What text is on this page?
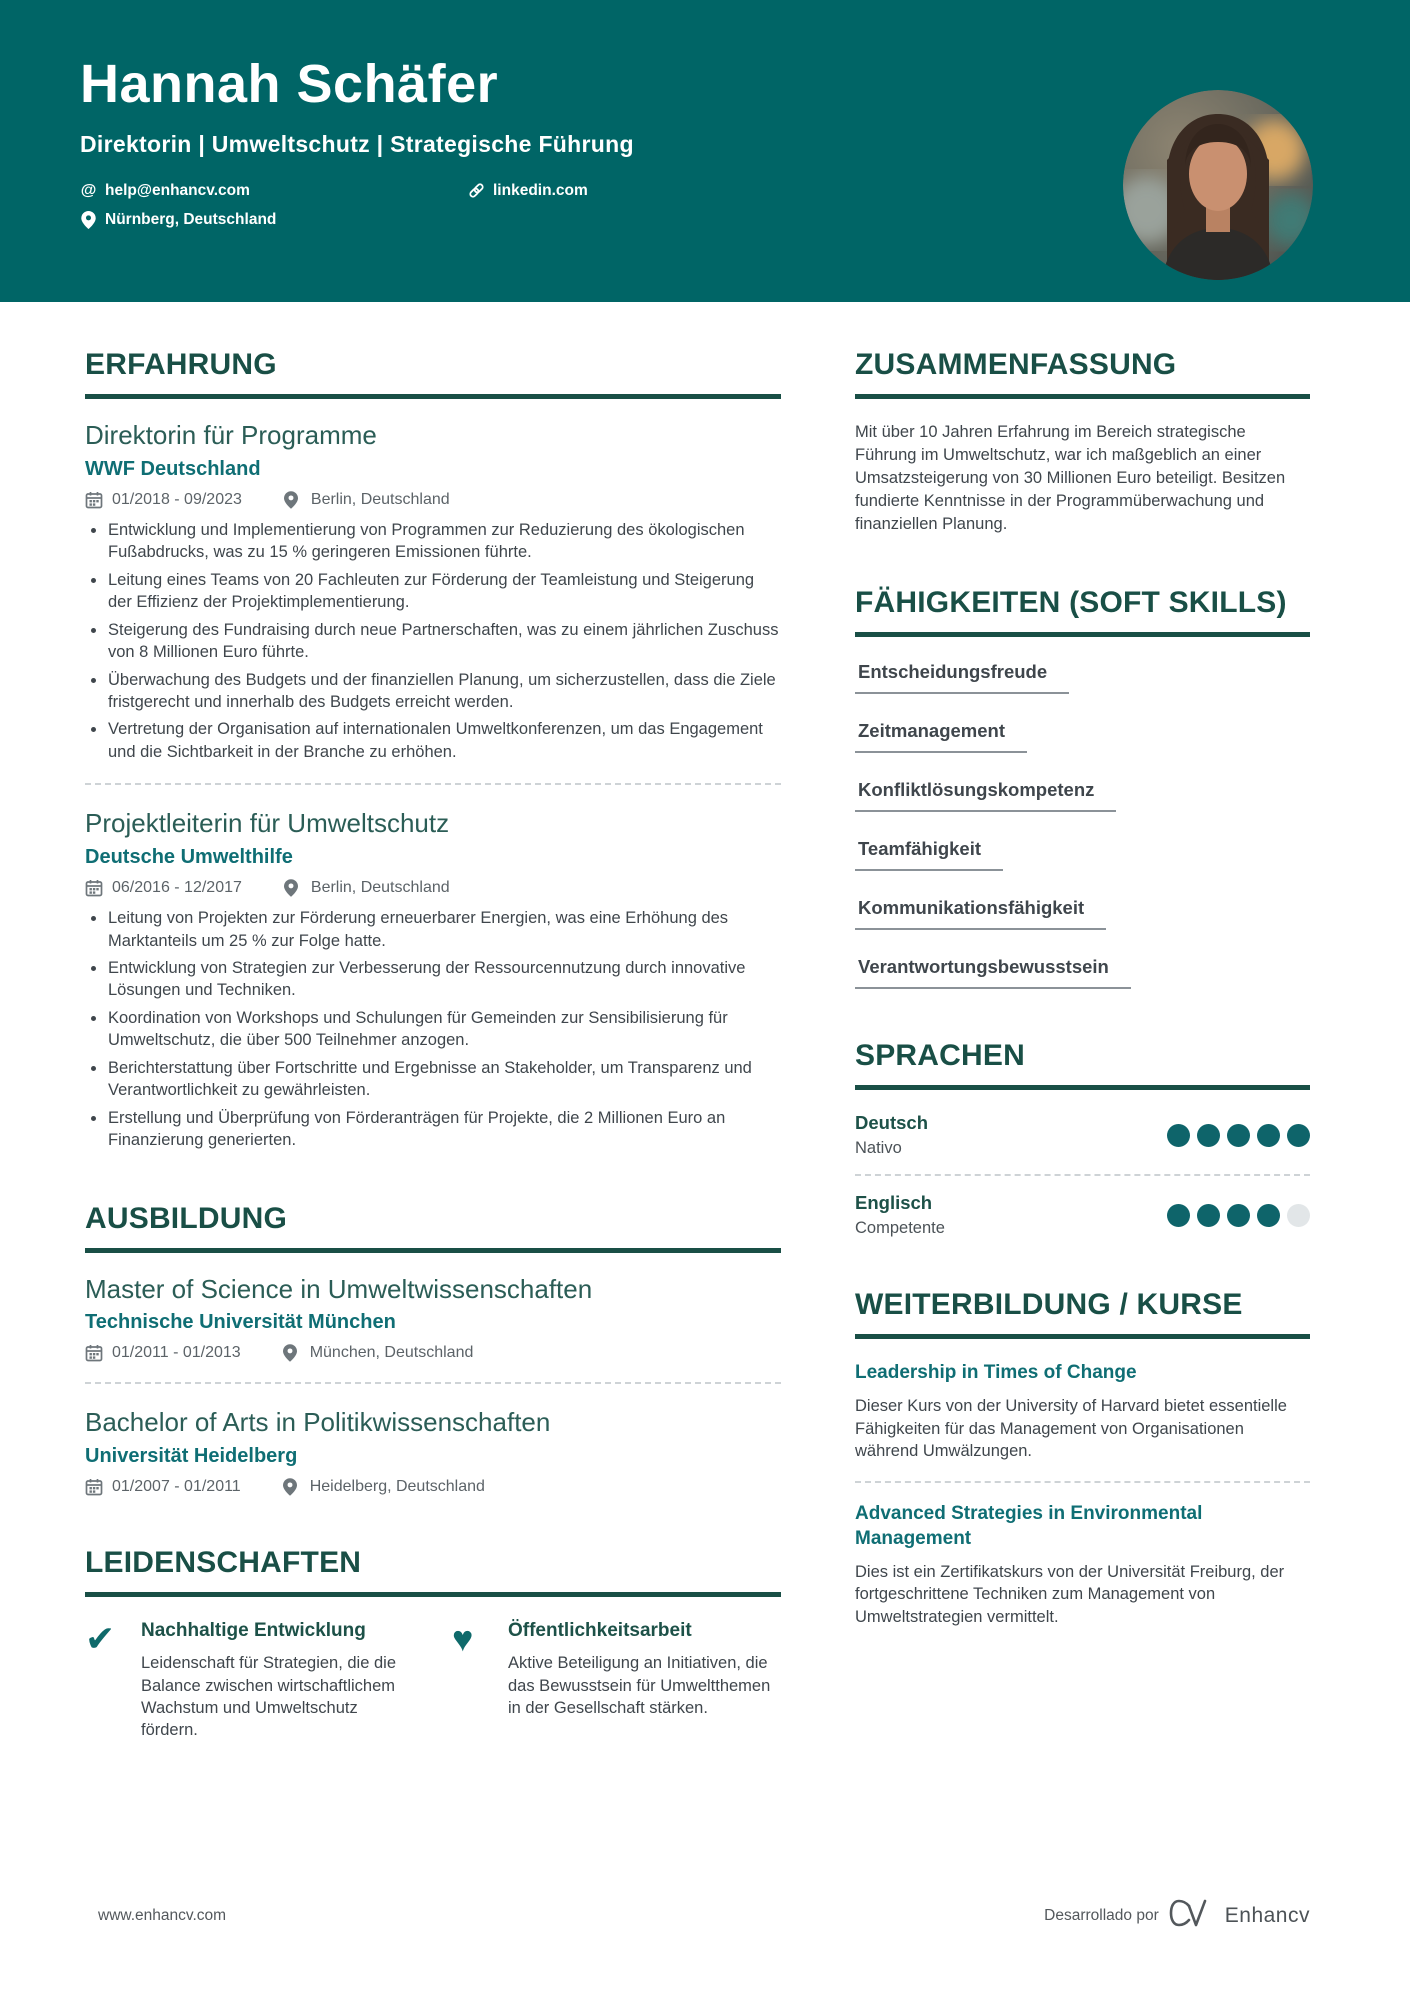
Hannah Schäfer
Direktorin | Umweltschutz | Strategische Führung
@ help@enhancv.com	linkedin.com
Nürnberg, Deutschland
ERFAHRUNG
Direktorin für Programme
WWF Deutschland
01/2018 - 09/2023	Berlin, Deutschland
Entwicklung und Implementierung von Programmen zur Reduzierung des ökologischen Fußabdrucks, was zu 15 % geringeren Emissionen führte.
Leitung eines Teams von 20 Fachleuten zur Förderung der Teamleistung und Steigerung der Effizienz der Projektimplementierung.
Steigerung des Fundraising durch neue Partnerschaften, was zu einem jährlichen Zuschuss von 8 Millionen Euro führte.
Überwachung des Budgets und der finanziellen Planung, um sicherzustellen, dass die Ziele fristgerecht und innerhalb des Budgets erreicht werden.
Vertretung der Organisation auf internationalen Umweltkonferenzen, um das Engagement und die Sichtbarkeit in der Branche zu erhöhen.
Projektleiterin für Umweltschutz
Deutsche Umwelthilfe
06/2016 - 12/2017	Berlin, Deutschland
Leitung von Projekten zur Förderung erneuerbarer Energien, was eine Erhöhung des Marktanteils um 25 % zur Folge hatte.
Entwicklung von Strategien zur Verbesserung der Ressourcennutzung durch innovative Lösungen und Techniken.
Koordination von Workshops und Schulungen für Gemeinden zur Sensibilisierung für Umweltschutz, die über 500 Teilnehmer anzogen.
Berichterstattung über Fortschritte und Ergebnisse an Stakeholder, um Transparenz und Verantwortlichkeit zu gewährleisten.
Erstellung und Überprüfung von Förderanträgen für Projekte, die 2 Millionen Euro an Finanzierung generierten.
AUSBILDUNG
Master of Science in Umweltwissenschaften
Technische Universität München
01/2011 - 01/2013	München, Deutschland
Bachelor of Arts in Politikwissenschaften
Universität Heidelberg
01/2007 - 01/2011	Heidelberg, Deutschland
LEIDENSCHAFTEN
✔	Nachhaltige Entwicklung
Leidenschaft für Strategien, die die Balance zwischen wirtschaftlichem Wachstum und Umweltschutz fördern.
♥	Öffentlichkeitsarbeit
Aktive Beteiligung an Initiativen, die das Bewusstsein für Umweltthemen in der Gesellschaft stärken.
ZUSAMMENFASSUNG

Mit über 10 Jahren Erfahrung im Bereich strategische Führung im Umweltschutz, war ich maßgeblich an einer Umsatzsteigerung von 30 Millionen Euro beteiligt. Besitzen fundierte Kenntnisse in der Programmüberwachung und finanziellen Planung.

FÄHIGKEITEN (SOFT SKILLS)
Entscheidungsfreude
Zeitmanagement
Konfliktlösungskompetenz
Teamfähigkeit
Kommunikationsfähigkeit
Verantwortungsbewusstsein
SPRACHEN
Deutsch
Nativo
Englisch
Competente
WEITERBILDUNG / KURSE
Leadership in Times of Change

Dieser Kurs von der University of Harvard bietet essentielle Fähigkeiten für das Management von Organisationen während Umwälzungen.

Advanced Strategies in Environmental Management

Dies ist ein Zertifikatskurs von der Universität Freiburg, der fortgeschrittene Techniken zum Management von Umweltstrategien vermittelt.

www.enhancv.com	Desarrollado por	Enhancv
